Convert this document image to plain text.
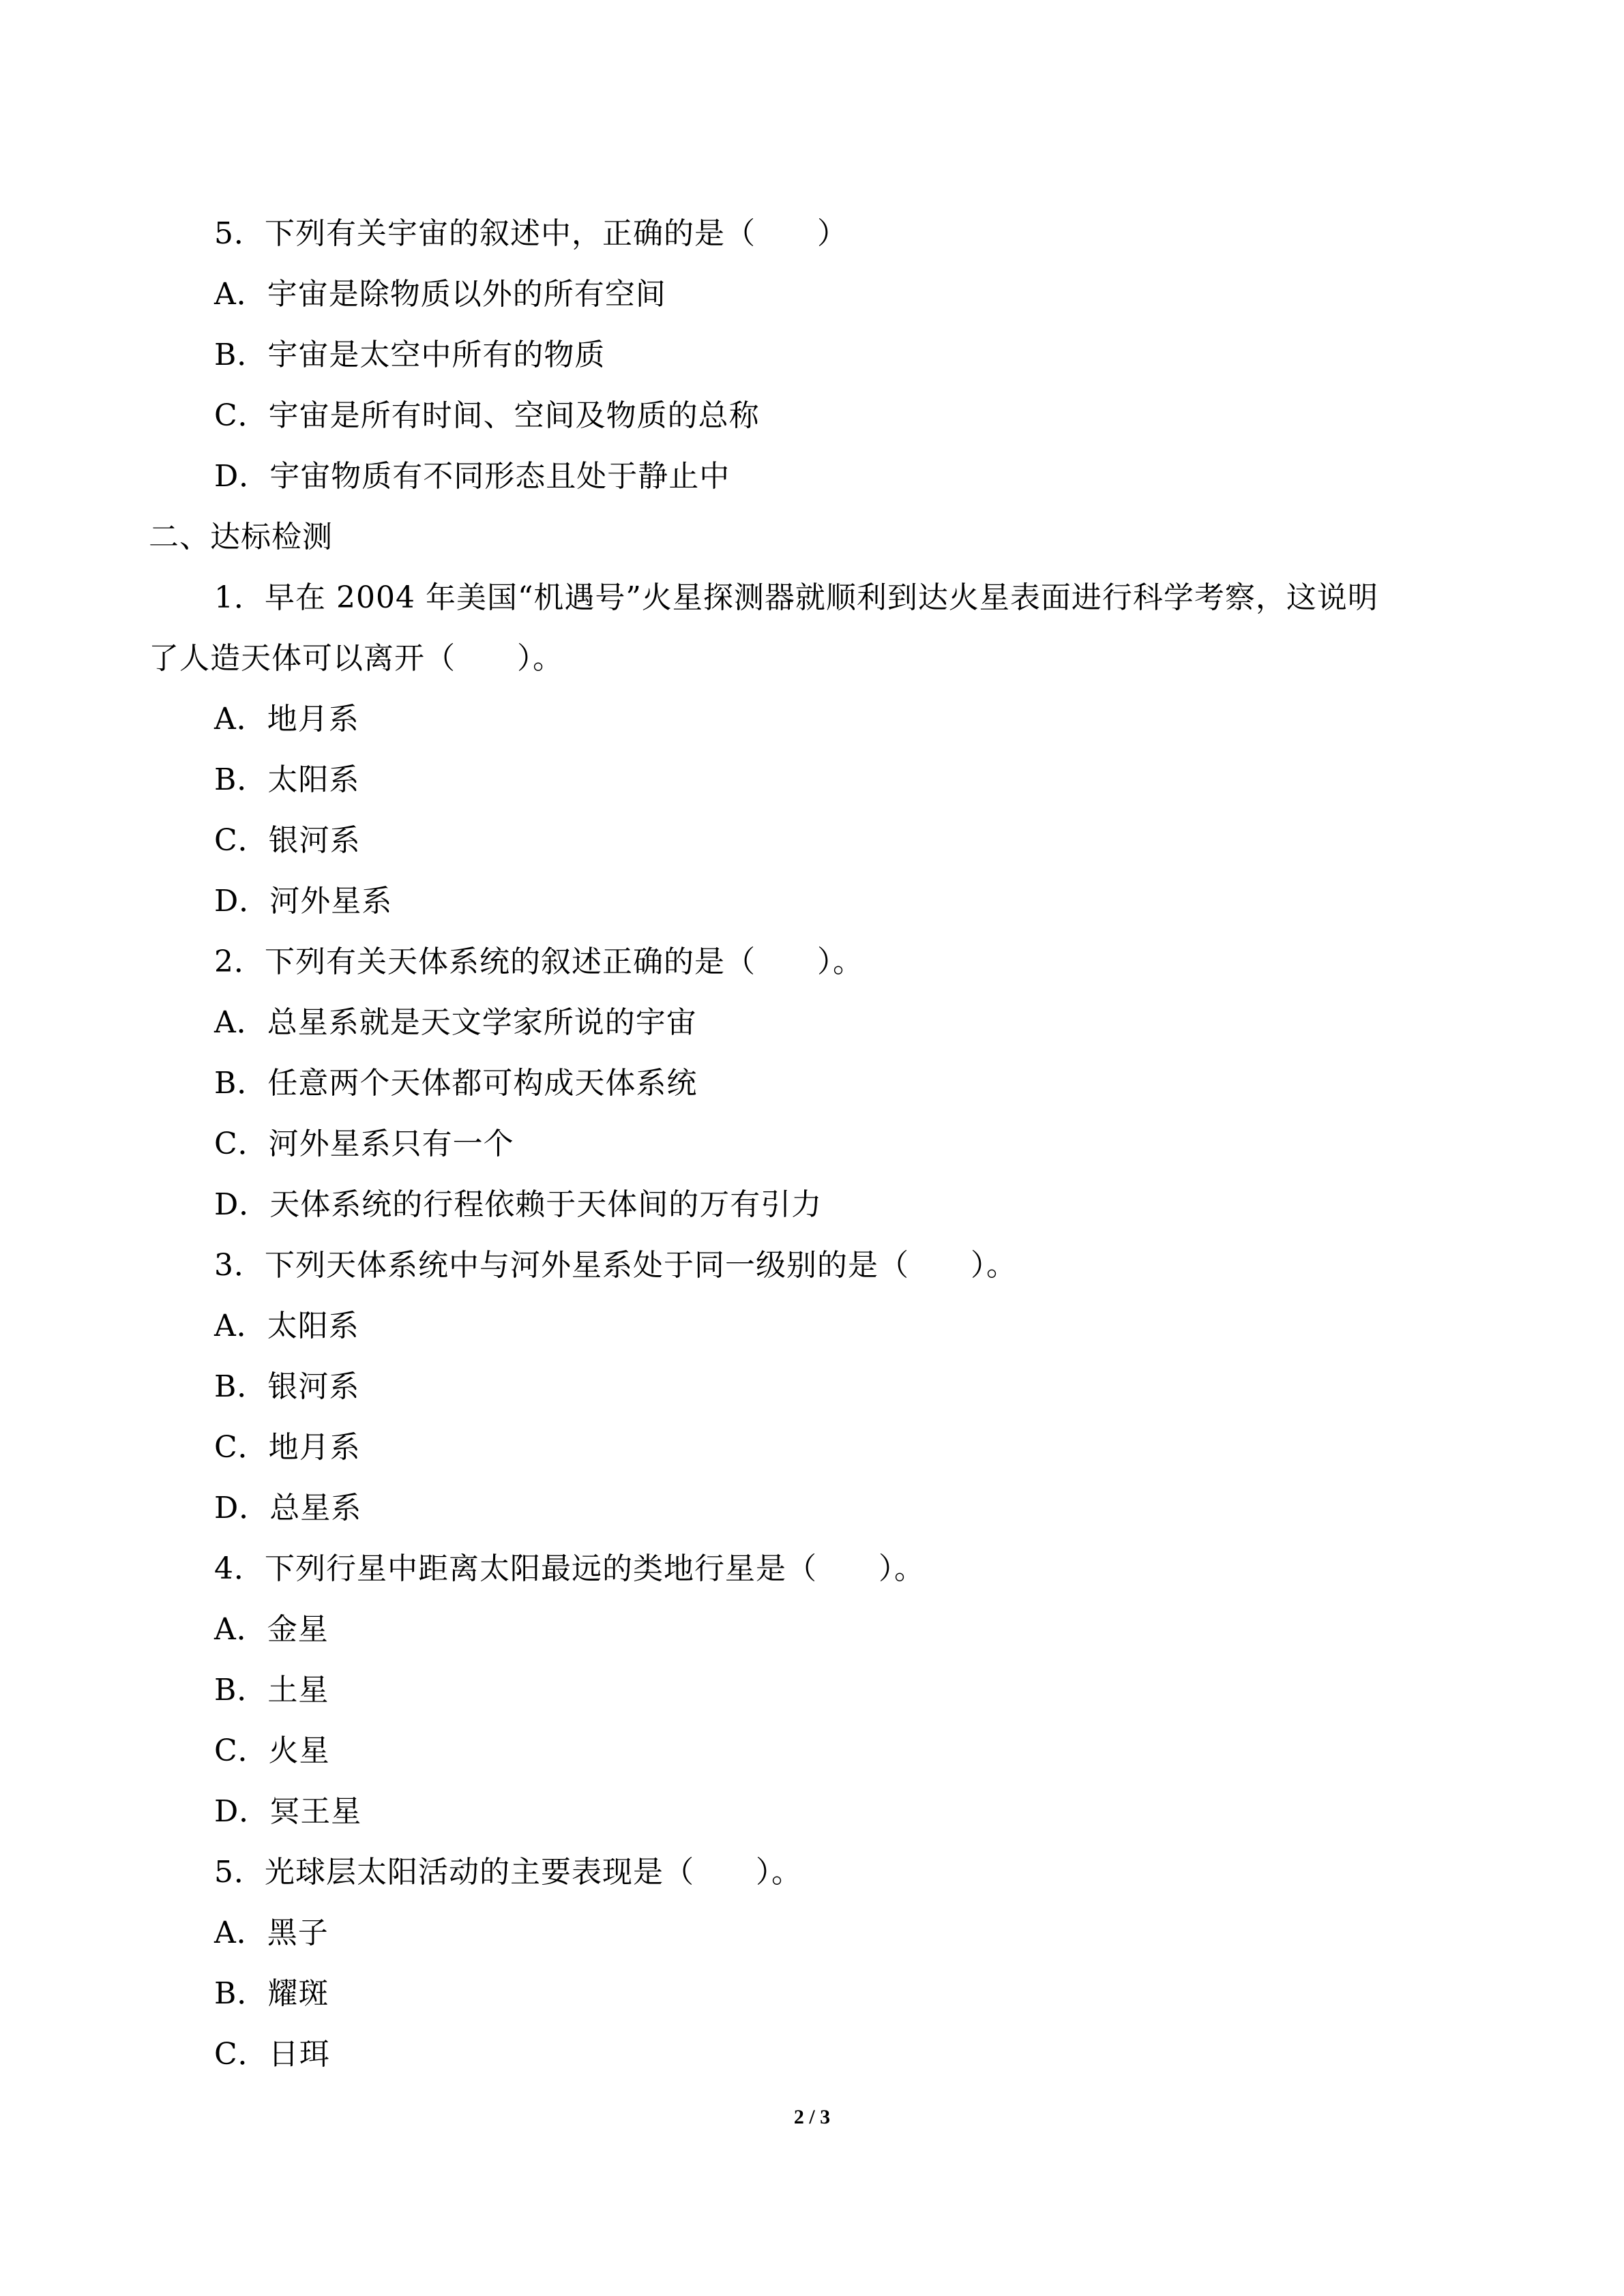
5．下列有关宇宙的叙述中，正确的是（　　）
A．宇宙是除物质以外的所有空间
B．宇宙是太空中所有的物质
C．宇宙是所有时间、空间及物质的总称
D．宇宙物质有不同形态且处于静止中
二、达标检测
1．早在 2004 年美国“机遇号”火星探测器就顺利到达火星表面进行科学考察，这说明
了人造天体可以离开（　　）。
A．地月系
B．太阳系
C．银河系
D．河外星系
2．下列有关天体系统的叙述正确的是（　　）。
A．总星系就是天文学家所说的宇宙
B．任意两个天体都可构成天体系统
C．河外星系只有一个
D．天体系统的行程依赖于天体间的万有引力
3．下列天体系统中与河外星系处于同一级别的是（　　）。
A．太阳系
B．银河系
C．地月系
D．总星系
4．下列行星中距离太阳最远的类地行星是（　　）。
A．金星
B．土星
C．火星
D．冥王星
5．光球层太阳活动的主要表现是（　　）。
A．黑子
B．耀斑
C．日珥
2 / 3
